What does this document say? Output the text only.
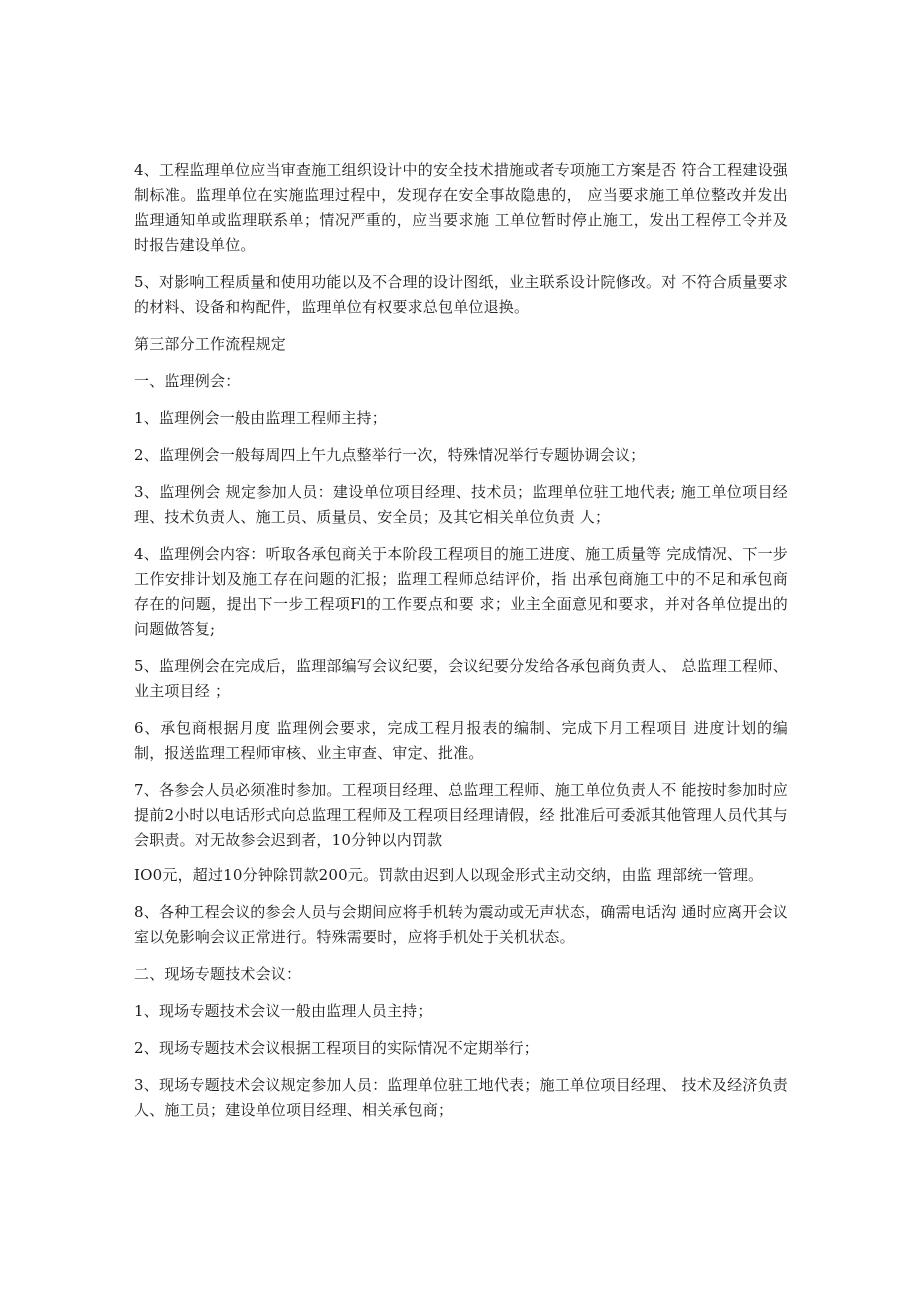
4、工程监理单位应当审查施工组织设计中的安全技术措施或者专项施工方案是否 符合工程建设强制标准。监理单位在实施监理过程中，发现存在安全事故隐患的， 应当要求施工单位整改并发出监理通知单或监理联系单；情况严重的，应当要求施 工单位暂时停止施工，发出工程停工令并及时报告建设单位。

5、对影响工程质量和使用功能以及不合理的设计图纸，业主联系设计院修改。对 不符合质量要求的材料、设备和构配件，监理单位有权要求总包单位退换。

第三部分工作流程规定

一、监理例会：

1、监理例会一般由监理工程师主持；

2、监理例会一般每周四上午九点整举行一次，特殊情况举行专题协调会议；

3、监理例会 规定参加人员：建设单位项目经理、技术员；监理单位驻工地代表; 施工单位项目经理、技术负责人、施工员、质量员、安全员；及其它相关单位负责 人；

4、监理例会内容：听取各承包商关于本阶段工程项目的施工进度、施工质量等 完成情况、下一步工作安排计划及施工存在问题的汇报；监理工程师总结评价，指 出承包商施工中的不足和承包商存在的问题，提出下一步工程项Fl的工作要点和要 求；业主全面意见和要求，并对各单位提出的问题做答复;

5、监理例会在完成后，监理部编写会议纪要，会议纪要分发给各承包商负责人、 总监理工程师、业主项目经 ；

6、承包商根据月度 监理例会要求，完成工程月报表的编制、完成下月工程项目 进度计划的编制，报送监理工程师审核、业主审查、审定、批准。

7、各参会人员必须准时参加。工程项目经理、总监理工程师、施工单位负责人不 能按时参加时应提前2小时以电话形式向总监理工程师及工程项目经理请假，经 批准后可委派其他管理人员代其与会职责。对无故参会迟到者，10分钟以内罚款

IO0元，超过10分钟除罚款200元。罚款由迟到人以现金形式主动交纳，由监 理部统一管理。

8、各种工程会议的参会人员与会期间应将手机转为震动或无声状态，确需电话沟 通时应离开会议室以免影响会议正常进行。特殊需要时，应将手机处于关机状态。

二、现场专题技术会议：

1、现场专题技术会议一般由监理人员主持；

2、现场专题技术会议根据工程项目的实际情况不定期举行；

3、现场专题技术会议规定参加人员：监理单位驻工地代表；施工单位项目经理、 技术及经济负责人、施工员；建设单位项目经理、相关承包商；
